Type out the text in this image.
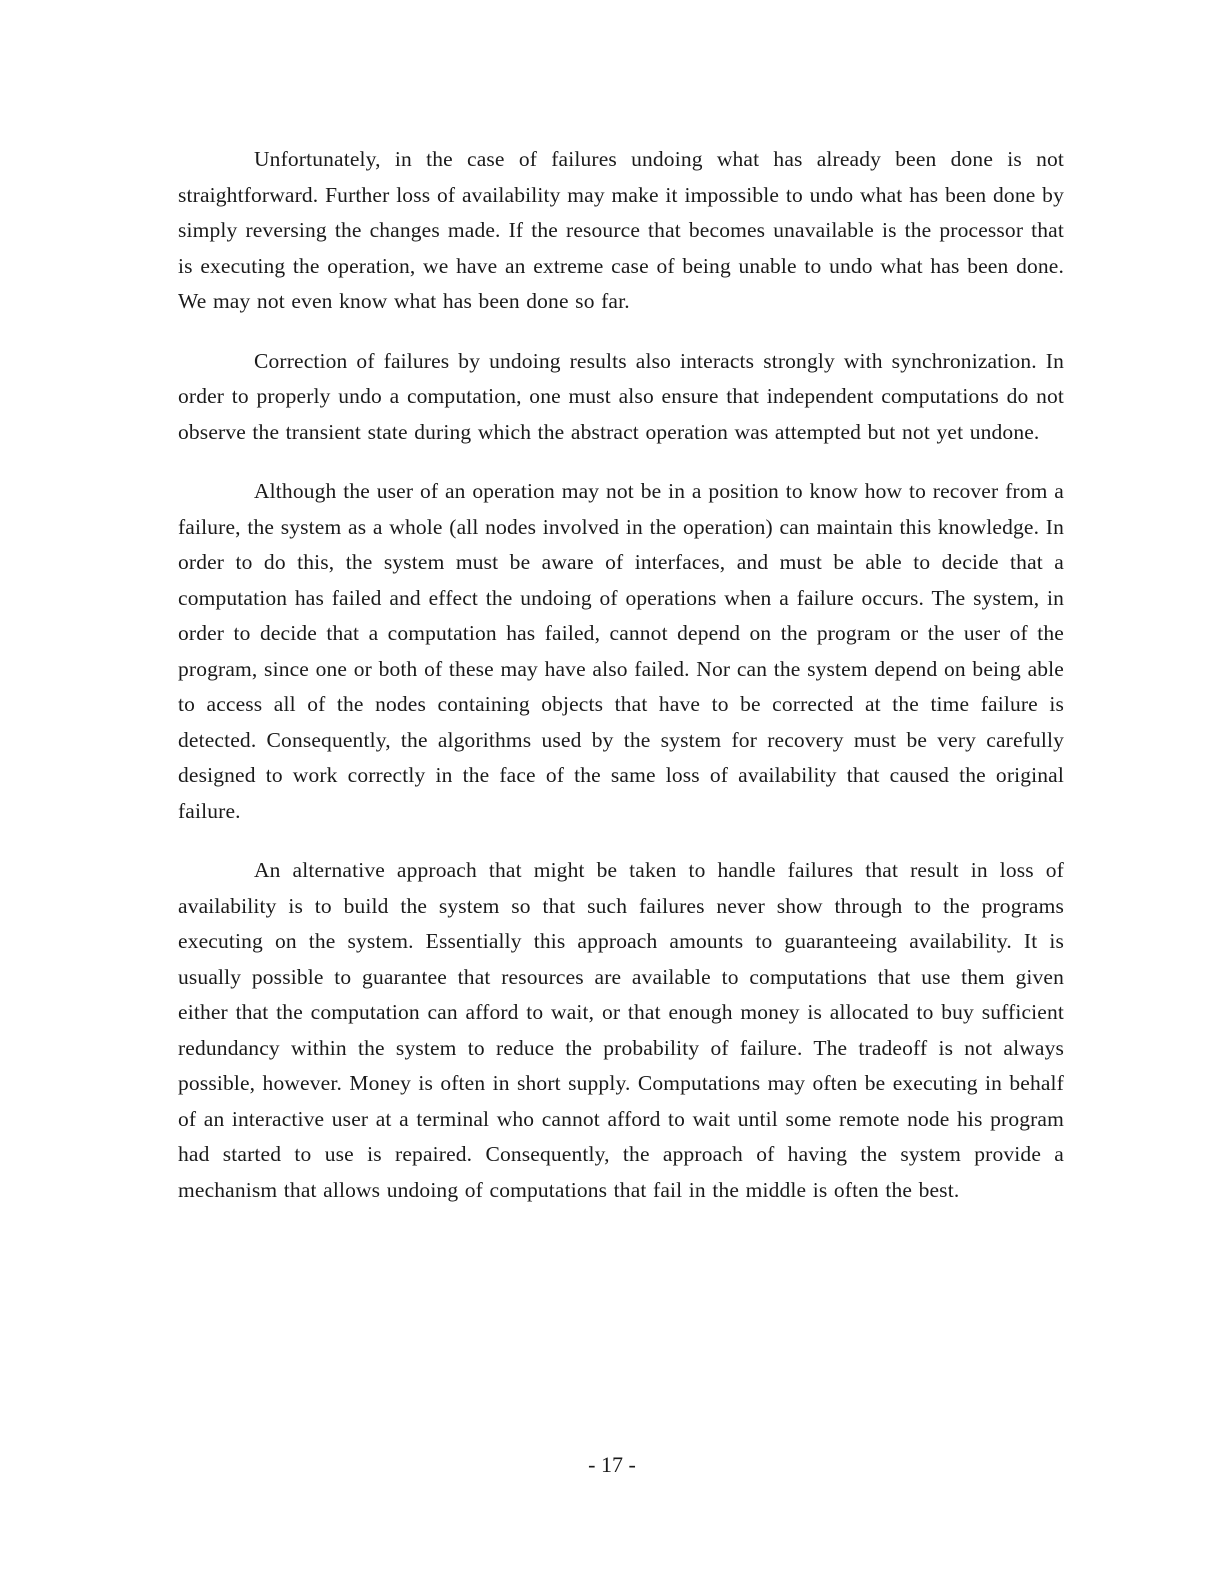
Unfortunately, in the case of failures undoing what has already been done is not straightforward. Further loss of availability may make it impossible to undo what has been done by simply reversing the changes made. If the resource that becomes unavailable is the processor that is executing the operation, we have an extreme case of being unable to undo what has been done. We may not even know what has been done so far.

Correction of failures by undoing results also interacts strongly with synchronization. In order to properly undo a computation, one must also ensure that independent computations do not observe the transient state during which the abstract operation was attempted but not yet undone.

Although the user of an operation may not be in a position to know how to recover from a failure, the system as a whole (all nodes involved in the operation) can maintain this knowledge. In order to do this, the system must be aware of interfaces, and must be able to decide that a computation has failed and effect the undoing of operations when a failure occurs. The system, in order to decide that a computation has failed, cannot depend on the program or the user of the program, since one or both of these may have also failed. Nor can the system depend on being able to access all of the nodes containing objects that have to be corrected at the time failure is detected. Consequently, the algorithms used by the system for recovery must be very carefully designed to work correctly in the face of the same loss of availability that caused the original failure.

An alternative approach that might be taken to handle failures that result in loss of availability is to build the system so that such failures never show through to the programs executing on the system. Essentially this approach amounts to guaranteeing availability. It is usually possible to guarantee that resources are available to computations that use them given either that the computation can afford to wait, or that enough money is allocated to buy sufficient redundancy within the system to reduce the probability of failure. The tradeoff is not always possible, however. Money is often in short supply. Computations may often be executing in behalf of an interactive user at a terminal who cannot afford to wait until some remote node his program had started to use is repaired. Consequently, the approach of having the system provide a mechanism that allows undoing of computations that fail in the middle is often the best.

- 17 -
